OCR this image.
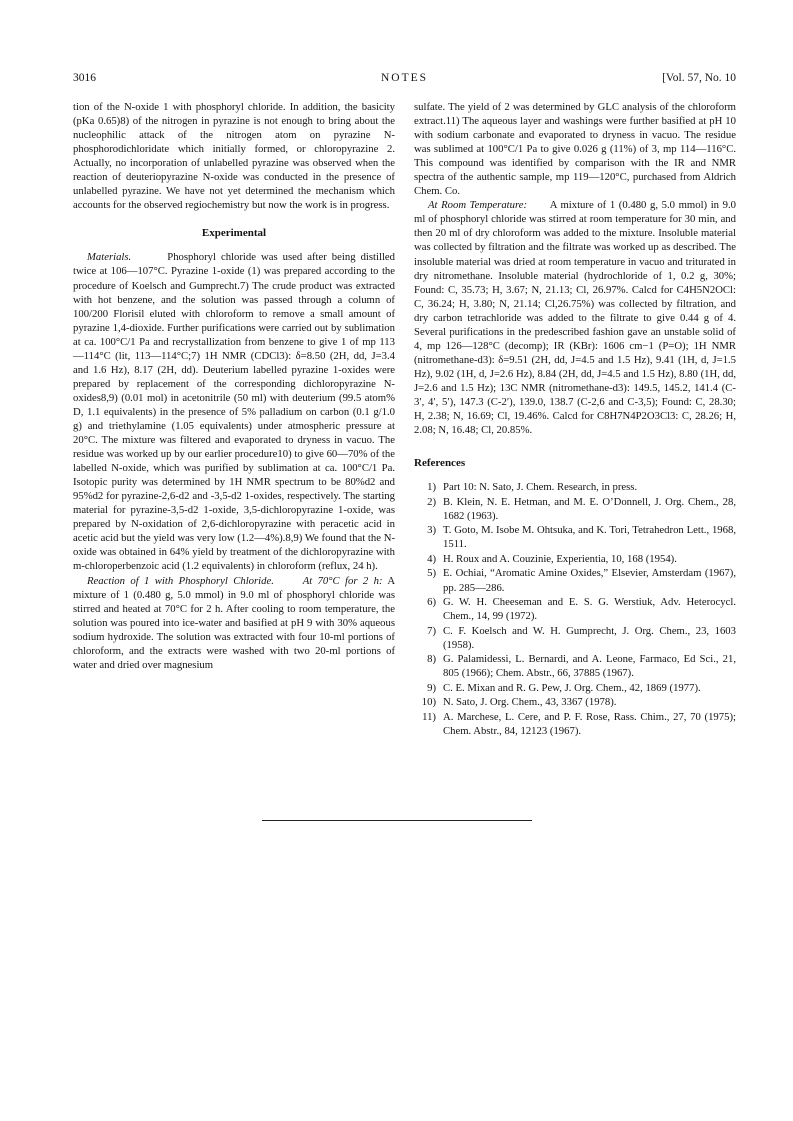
3016	NOTES	[Vol. 57, No. 10

tion of the N-oxide 1 with phosphoryl chloride. In addition, the basicity (pKa 0.65)8) of the nitrogen in pyrazine is not enough to bring about the nucleophilic attack of the nitrogen atom on pyrazine N-phosphorodichloridate which initially formed, or chloropyrazine 2. Actually, no incorporation of unlabelled pyrazine was observed when the reaction of deuteriopyrazine N-oxide was conducted in the presence of unlabelled pyrazine. We have not yet determined the mechanism which accounts for the observed regiochemistry but now the work is in progress.

Experimental

Materials.	Phosphoryl chloride was used after being distilled twice at 106—107°C. Pyrazine 1-oxide (1) was prepared according to the procedure of Koelsch and Gumprecht.7) The crude product was extracted with hot benzene, and the solution was passed through a column of 100/200 Florisil eluted with chloroform to remove a small amount of pyrazine 1,4-dioxide. Further purifications were carried out by sublimation at ca. 100°C/1 Pa and recrystallization from benzene to give 1 of mp 113—114°C (lit, 113—114°C;7) 1H NMR (CDCl3): δ=8.50 (2H, dd, J=3.4 and 1.6 Hz), 8.17 (2H, dd). Deuterium labelled pyrazine 1-oxides were prepared by replacement of the corresponding dichloropyrazine N-oxides8,9) (0.01 mol) in acetonitrile (50 ml) with deuterium (99.5 atom% D, 1.1 equivalents) in the presence of 5% palladium on carbon (0.1 g/1.0 g) and triethylamine (1.05 equivalents) under atmospheric pressure at 20°C. The mixture was filtered and evaporated to dryness in vacuo. The residue was worked up by our earlier procedure10) to give 60—70% of the labelled N-oxide, which was purified by sublimation at ca. 100°C/1 Pa. Isotopic purity was determined by 1H NMR spectrum to be 80%d2 and 95%d2 for pyrazine-2,6-d2 and -3,5-d2 1-oxides, respectively. The starting material for pyrazine-3,5-d2 1-oxide, 3,5-dichloropyrazine 1-oxide, was prepared by N-oxidation of 2,6-dichloropyrazine with peracetic acid in acetic acid but the yield was very low (1.2—4%).8,9) We found that the N-oxide was obtained in 64% yield by treatment of the dichloropyrazine with m-chloroperbenzoic acid (1.2 equivalents) in chloroform (reflux, 24 h).

Reaction of 1 with Phosphoryl Chloride.	At 70°C for 2 h: A mixture of 1 (0.480 g, 5.0 mmol) in 9.0 ml of phosphoryl chloride was stirred and heated at 70°C for 2 h. After cooling to room temperature, the solution was poured into ice-water and basified at pH 9 with 30% aqueous sodium hydroxide. The solution was extracted with four 10-ml portions of chloroform, and the extracts were washed with two 20-ml portions of water and dried over magnesium

sulfate. The yield of 2 was determined by GLC analysis of the chloroform extract.11) The aqueous layer and washings were further basified at pH 10 with sodium carbonate and evaporated to dryness in vacuo. The residue was sublimed at 100°C/1 Pa to give 0.026 g (11%) of 3, mp 114—116°C. This compound was identified by comparison with the IR and NMR spectra of the authentic sample, mp 119—120°C, purchased from Aldrich Chem. Co.

At Room Temperature: A mixture of 1 (0.480 g, 5.0 mmol) in 9.0 ml of phosphoryl chloride was stirred at room temperature for 30 min, and then 20 ml of dry chloroform was added to the mixture. Insoluble material was collected by filtration and the filtrate was worked up as described. The insoluble material was dried at room temperature in vacuo and triturated in dry nitromethane. Insoluble material (hydrochloride of 1, 0.2 g, 30%; Found: C, 35.73; H, 3.67; N, 21.13; Cl, 26.97%. Calcd for C4H5N2OCl: C, 36.24; H, 3.80; N, 21.14; Cl,26.75%) was collected by filtration, and dry carbon tetrachloride was added to the filtrate to give 0.44 g of 4. Several purifications in the predescribed fashion gave an unstable solid of 4, mp 126—128°C (decomp); IR (KBr): 1606 cm−1 (P=O); 1H NMR (nitromethane-d3): δ=9.51 (2H, dd, J=4.5 and 1.5 Hz), 9.41 (1H, d, J=1.5 Hz), 9.02 (1H, d, J=2.6 Hz), 8.84 (2H, dd, J=4.5 and 1.5 Hz), 8.80 (1H, dd, J=2.6 and 1.5 Hz); 13C NMR (nitromethane-d3): 149.5, 145.2, 141.4 (C-3′, 4′, 5′), 147.3 (C-2′), 139.0, 138.7 (C-2,6 and C-3,5); Found: C, 28.30; H, 2.38; N, 16.69; Cl, 19.46%. Calcd for C8H7N4P2O3Cl3: C, 28.26; H, 2.08; N, 16.48; Cl, 20.85%.

References
1) Part 10: N. Sato, J. Chem. Research, in press.
2) B. Klein, N. E. Hetman, and M. E. O’Donnell, J. Org. Chem., 28, 1682 (1963).
3) T. Goto, M. Isobe M. Ohtsuka, and K. Tori, Tetrahedron Lett., 1968, 1511.
4) H. Roux and A. Couzinie, Experientia, 10, 168 (1954).
5) E. Ochiai, “Aromatic Amine Oxides,” Elsevier, Amsterdam (1967), pp. 285—286.
6) G. W. H. Cheeseman and E. S. G. Werstiuk, Adv. Heterocycl. Chem., 14, 99 (1972).
7) C. F. Koelsch and W. H. Gumprecht, J. Org. Chem., 23, 1603 (1958).
8) G. Palamidessi, L. Bernardi, and A. Leone, Farmaco, Ed Sci., 21, 805 (1966); Chem. Abstr., 66, 37885 (1967).
9) C. E. Mixan and R. G. Pew, J. Org. Chem., 42, 1869 (1977).
10) N. Sato, J. Org. Chem., 43, 3367 (1978).
11) A. Marchese, L. Cere, and P. F. Rose, Rass. Chim., 27, 70 (1975); Chem. Abstr., 84, 12123 (1967).
